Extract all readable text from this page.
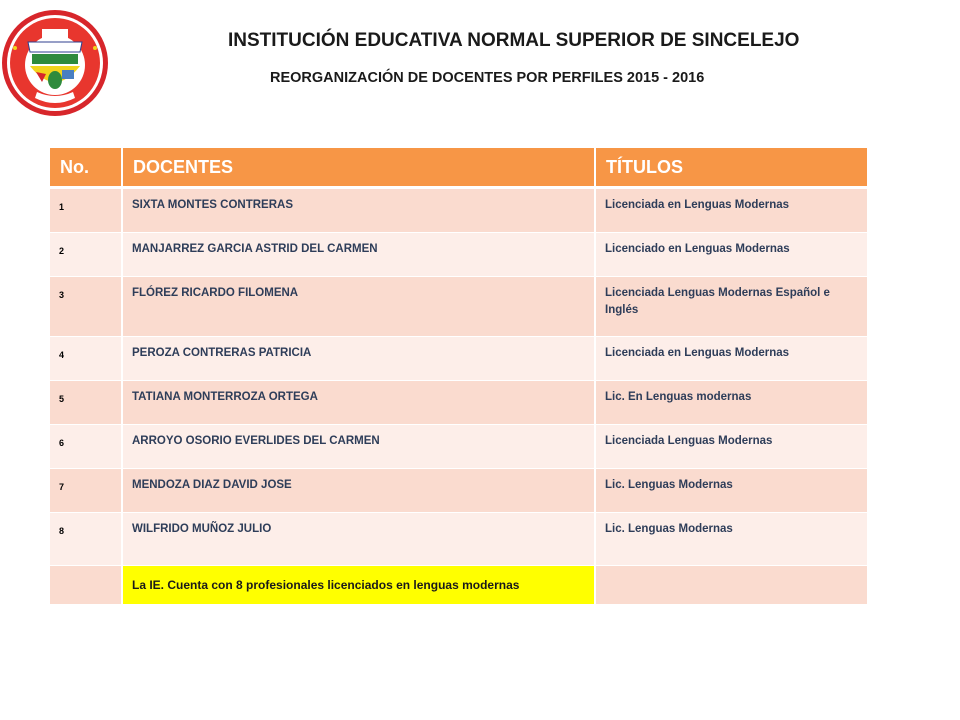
INSTITUCIÓN EDUCATIVA NORMAL SUPERIOR DE SINCELEJO
REORGANIZACIÓN DE DOCENTES POR PERFILES 2015 - 2016
No.	DOCENTES	TÍTULOS
1	SIXTA MONTES CONTRERAS	Licenciada en Lenguas Modernas
2	MANJARREZ GARCIA ASTRID DEL CARMEN	Licenciado en Lenguas Modernas
3	FLÓREZ RICARDO FILOMENA	Licenciada Lenguas Modernas Español e Inglés
4	PEROZA CONTRERAS PATRICIA	Licenciada en Lenguas Modernas
5	TATIANA MONTERROZA ORTEGA	Lic. En Lenguas modernas
6	ARROYO OSORIO EVERLIDES DEL CARMEN	Licenciada Lenguas Modernas
7	MENDOZA DIAZ DAVID JOSE	Lic. Lenguas Modernas
8	WILFRIDO MUÑOZ JULIO	Lic. Lenguas Modernas
	La IE. Cuenta con 8 profesionales licenciados en lenguas modernas	
